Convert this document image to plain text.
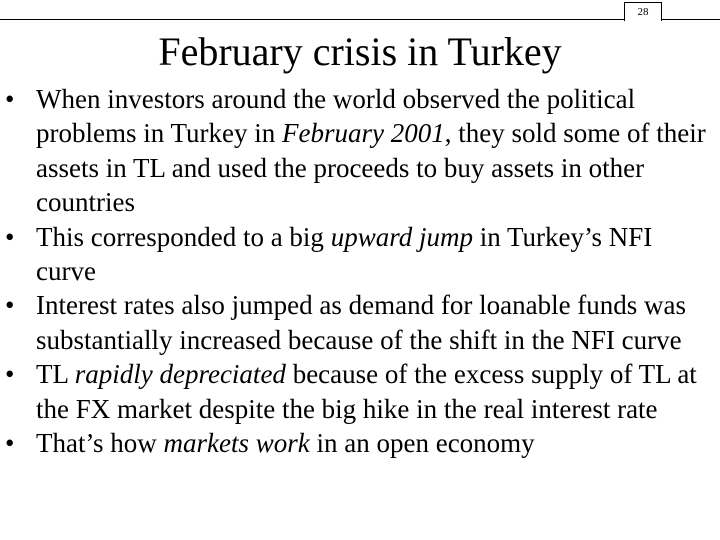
28
February crisis in Turkey
• When investors around the world observed the political problems in Turkey in February 2001, they sold some of their assets in TL and used the proceeds to buy assets in other countries
• This corresponded to a big upward jump in Turkey’s NFI curve
• Interest rates also jumped as demand for loanable funds was substantially increased because of the shift in the NFI curve
• TL rapidly depreciated because of the excess supply of TL at the FX market despite the big hike in the real interest rate
• That’s how markets work in an open economy
